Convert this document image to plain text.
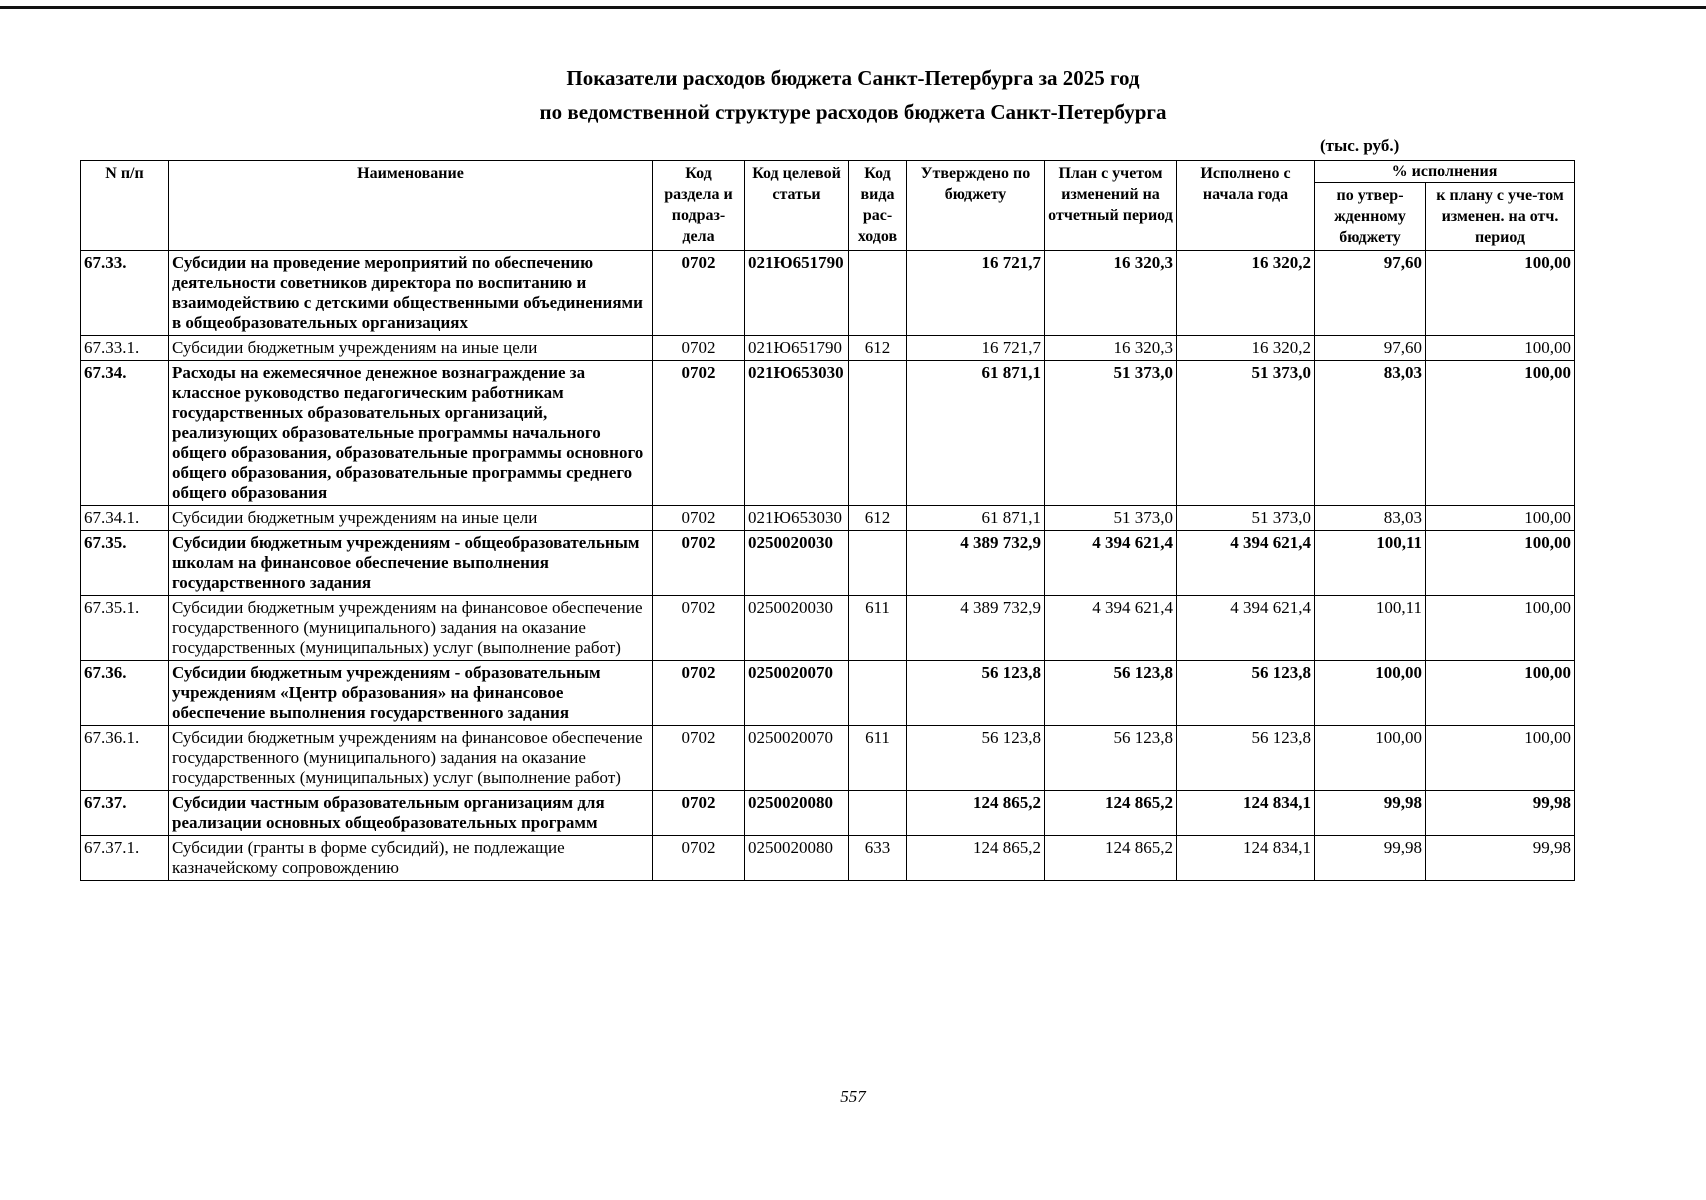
Показатели расходов бюджета Санкт-Петербурга за 2025 год
по ведомственной структуре расходов бюджета Санкт-Петербурга
(тыс. руб.)
N п/п	Наименование	Код раздела и подраз-дела	Код целевой статьи	Код вида рас-ходов	Утверждено по бюджету	План с учетом изменений на отчетный период	Исполнено с начала года	% исполнения	
								по утвер-жденному бюджету	к плану с уче-том изменен. на отч. период
67.33.	Субсидии на проведение мероприятий по обеспечению деятельности советников директора по воспитанию и взаимодействию с детскими общественными объединениями в общеобразовательных организациях	0702	021Ю651790		16 721,7	16 320,3	16 320,2	97,60	100,00
67.33.1.	Субсидии бюджетным учреждениям на иные цели	0702	021Ю651790	612	16 721,7	16 320,3	16 320,2	97,60	100,00
67.34.	Расходы на ежемесячное денежное вознаграждение за классное руководство педагогическим работникам государственных образовательных организаций, реализующих образовательные программы начального общего образования, образовательные программы основного общего образования, образовательные программы среднего общего образования	0702	021Ю653030		61 871,1	51 373,0	51 373,0	83,03	100,00
67.34.1.	Субсидии бюджетным учреждениям на иные цели	0702	021Ю653030	612	61 871,1	51 373,0	51 373,0	83,03	100,00
67.35.	Субсидии бюджетным учреждениям - общеобразовательным школам на финансовое обеспечение выполнения государственного задания	0702	0250020030		4 389 732,9	4 394 621,4	4 394 621,4	100,11	100,00
67.35.1.	Субсидии бюджетным учреждениям на финансовое обеспечение государственного (муниципального) задания на оказание государственных (муниципальных) услуг (выполнение работ)	0702	0250020030	611	4 389 732,9	4 394 621,4	4 394 621,4	100,11	100,00
67.36.	Субсидии бюджетным учреждениям - образовательным учреждениям «Центр образования» на финансовое обеспечение выполнения государственного задания	0702	0250020070		56 123,8	56 123,8	56 123,8	100,00	100,00
67.36.1.	Субсидии бюджетным учреждениям на финансовое обеспечение государственного (муниципального) задания на оказание государственных (муниципальных) услуг (выполнение работ)	0702	0250020070	611	56 123,8	56 123,8	56 123,8	100,00	100,00
67.37.	Субсидии частным образовательным организациям для реализации основных общеобразовательных программ	0702	0250020080		124 865,2	124 865,2	124 834,1	99,98	99,98
67.37.1.	Субсидии (гранты в форме субсидий), не подлежащие казначейскому сопровождению	0702	0250020080	633	124 865,2	124 865,2	124 834,1	99,98	99,98
557
